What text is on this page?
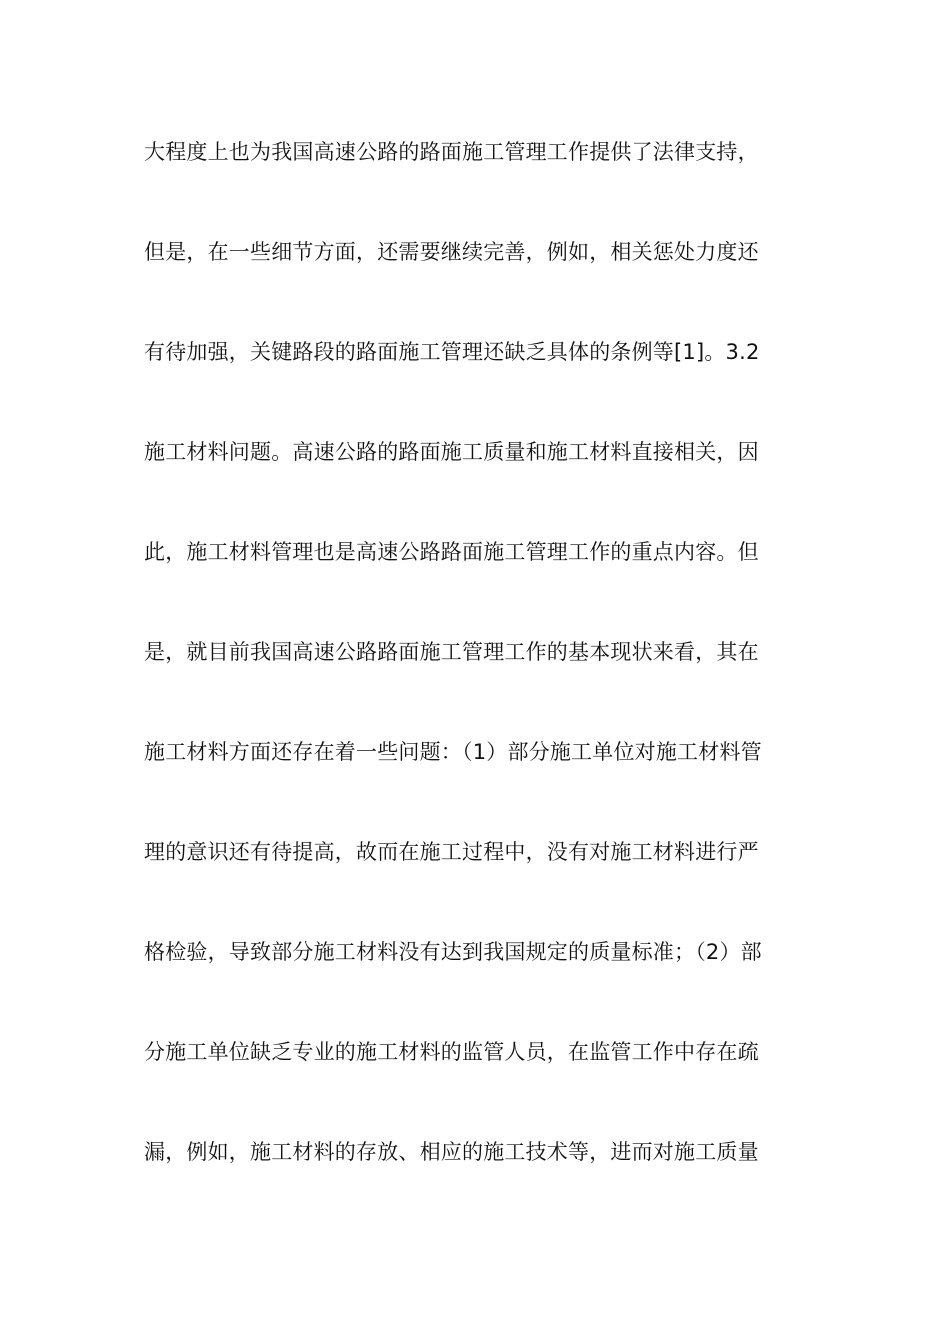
大程度上也为我国高速公路的路面施工管理工作提供了法律支持，
但是，在一些细节方面，还需要继续完善，例如，相关惩处力度还
有待加强，关键路段的路面施工管理还缺乏具体的条例等[1]。3.2
施工材料问题。高速公路的路面施工质量和施工材料直接相关，因
此，施工材料管理也是高速公路路面施工管理工作的重点内容。但
是，就目前我国高速公路路面施工管理工作的基本现状来看，其在
施工材料方面还存在着一些问题：（1）部分施工单位对施工材料管
理的意识还有待提高，故而在施工过程中，没有对施工材料进行严
格检验，导致部分施工材料没有达到我国规定的质量标准；（2）部
分施工单位缺乏专业的施工材料的监管人员，在监管工作中存在疏
漏，例如，施工材料的存放、相应的施工技术等，进而对施工质量
